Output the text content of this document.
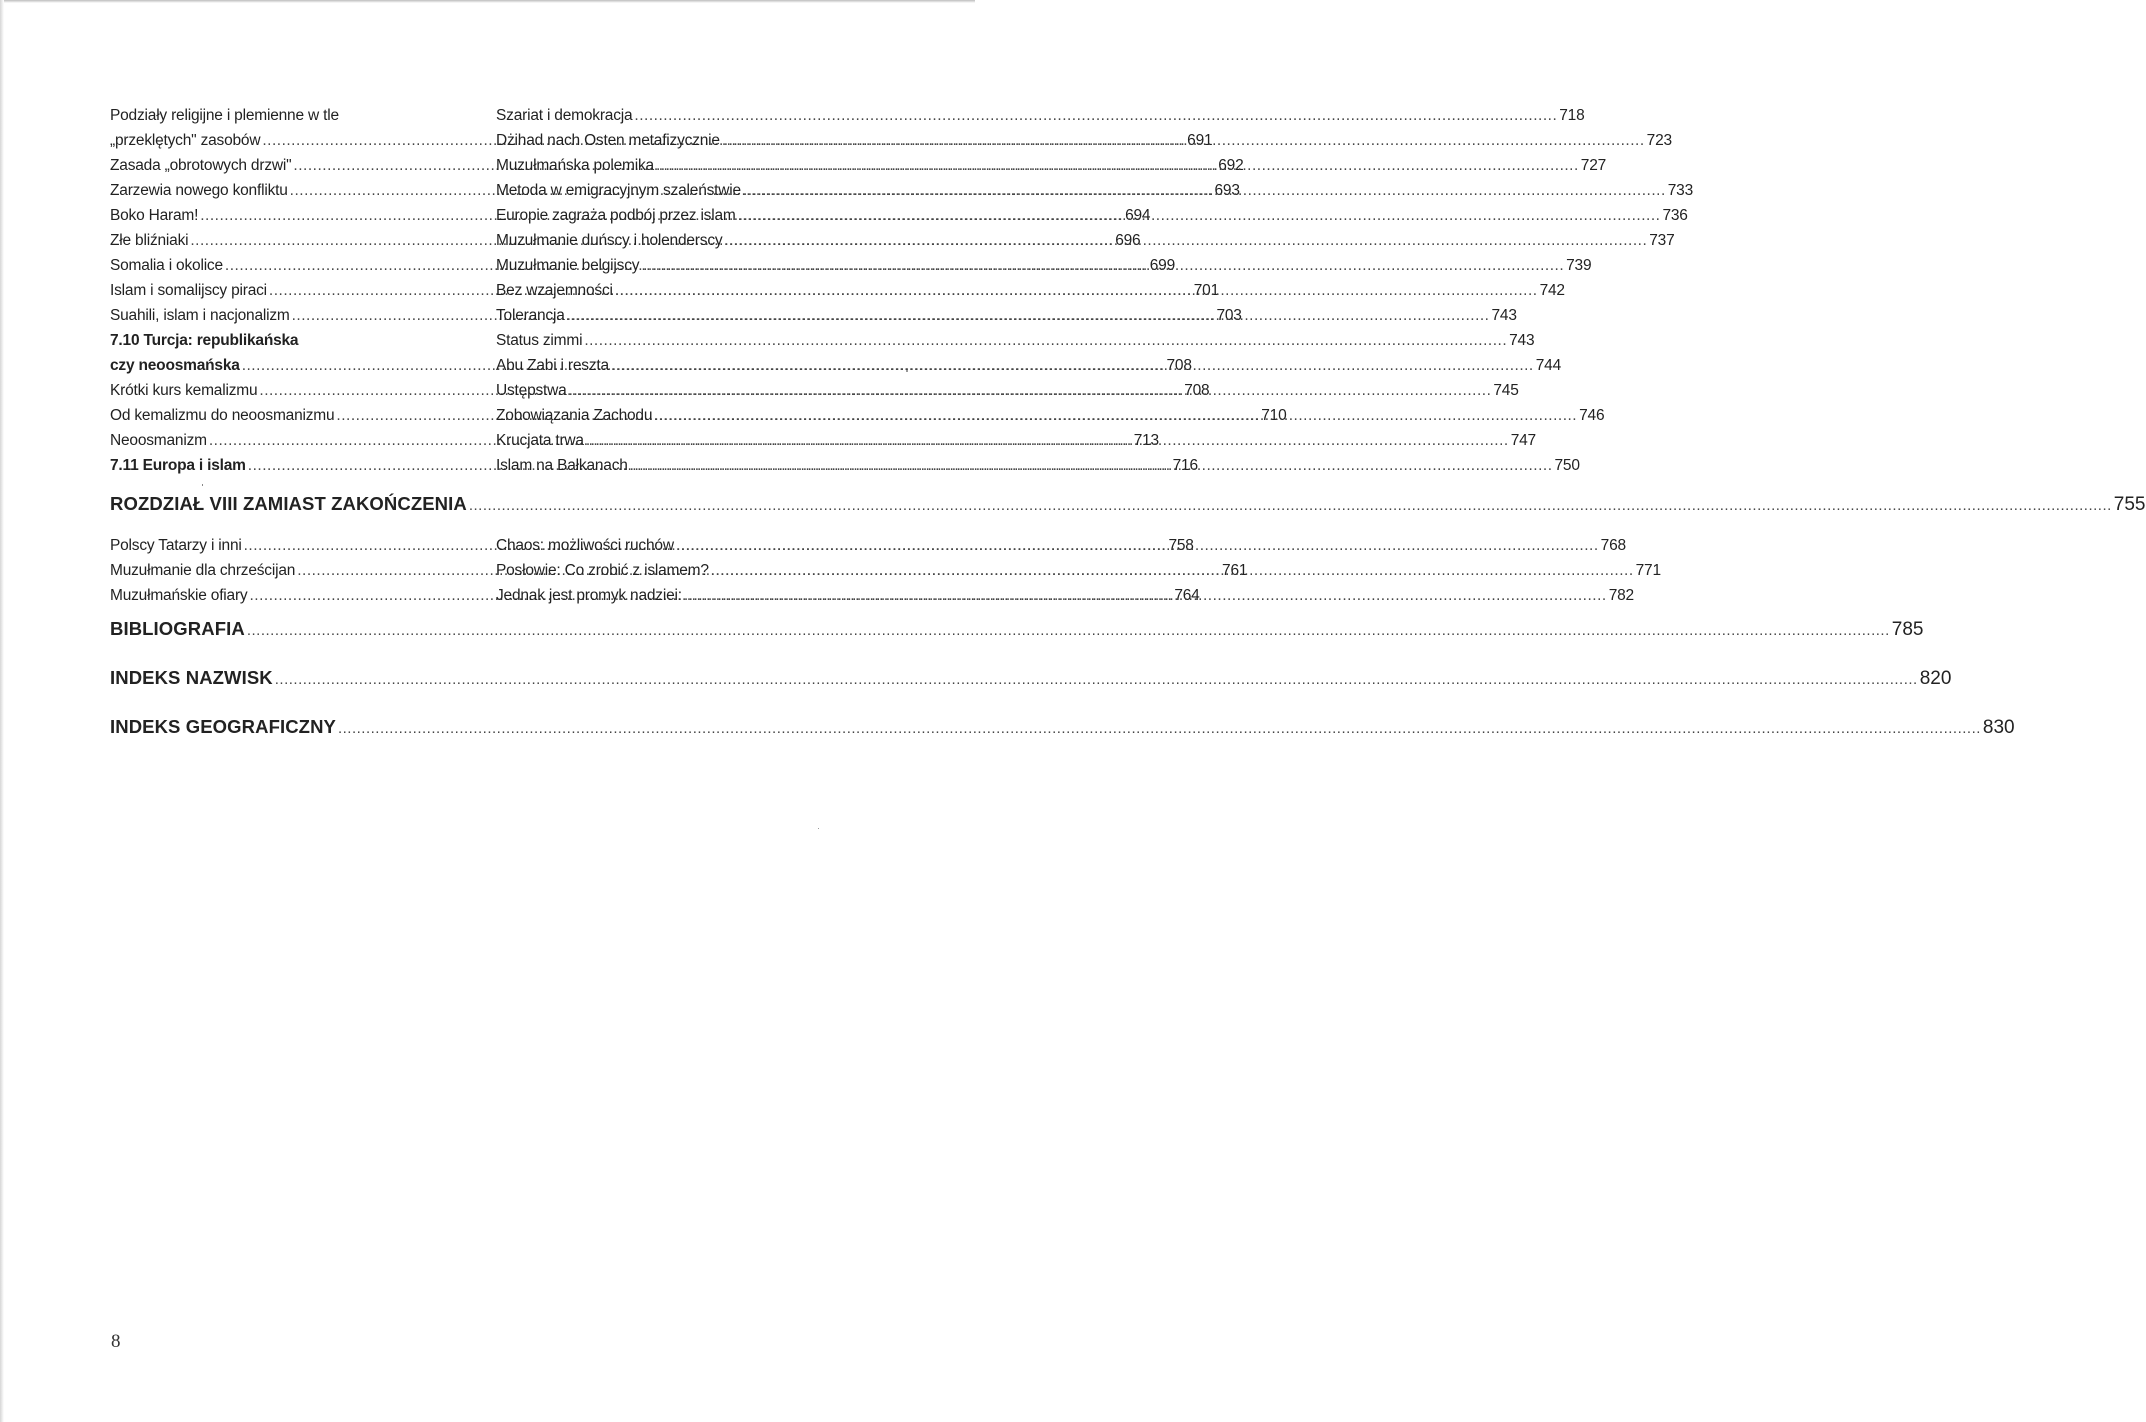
Podziały religijne i plemienne w tle
„przeklętych" zasobów .....	691
Zasada „obrotowych drzwi" .....	692
Zarzewia nowego konfliktu .....	693
Boko Haram! .....	694
Złe bliźniaki .....	696
Somalia i okolice .....	699
Islam i somalijscy piraci .....	701
Suahili, islam i nacjonalizm .....	703
7.10 Turcja: republikańska
czy neoosmańska .....	708
Krótki kurs kemalizmu .....	708
Od kemalizmu do neoosmanizmu .....	710
Neoosmanizm .....	713
7.11 Europa i islam .....	716
Szariat i demokracja .....	718
Dżihad nach Osten metafizycznie .....	723
Muzułmańska polemika .....	727
Metoda w emigracyjnym szaleństwie .....	733
Europie zagraża podbój przez islam .....	736
Muzułmanie duńscy i holenderscy .....	737
Muzułmanie belgijscy .....	739
Bez wzajemności .....	742
Tolerancja .....	743
Status zimmi .....	743
Abu Zabi i reszta .....	744
Ustępstwa .....	745
Zobowiązania Zachodu .....	746
Krucjata trwa .....	747
Islam na Bałkanach .....	750
ROZDZIAŁ VIII ZAMIAST ZAKOŃCZENIA .....	755
Polscy Tatarzy i inni .....	758
Muzułmanie dla chrześcijan .....	761
Muzułmańskie ofiary .....	764
Chaos: możliwości ruchów .....	768
Posłowie: Co zrobić z islamem? .....	771
Jednak jest promyk nadziei: .....	782
BIBLIOGRAFIA .....	785
INDEKS NAZWISK .....	820
INDEKS GEOGRAFICZNY .....	830
8
